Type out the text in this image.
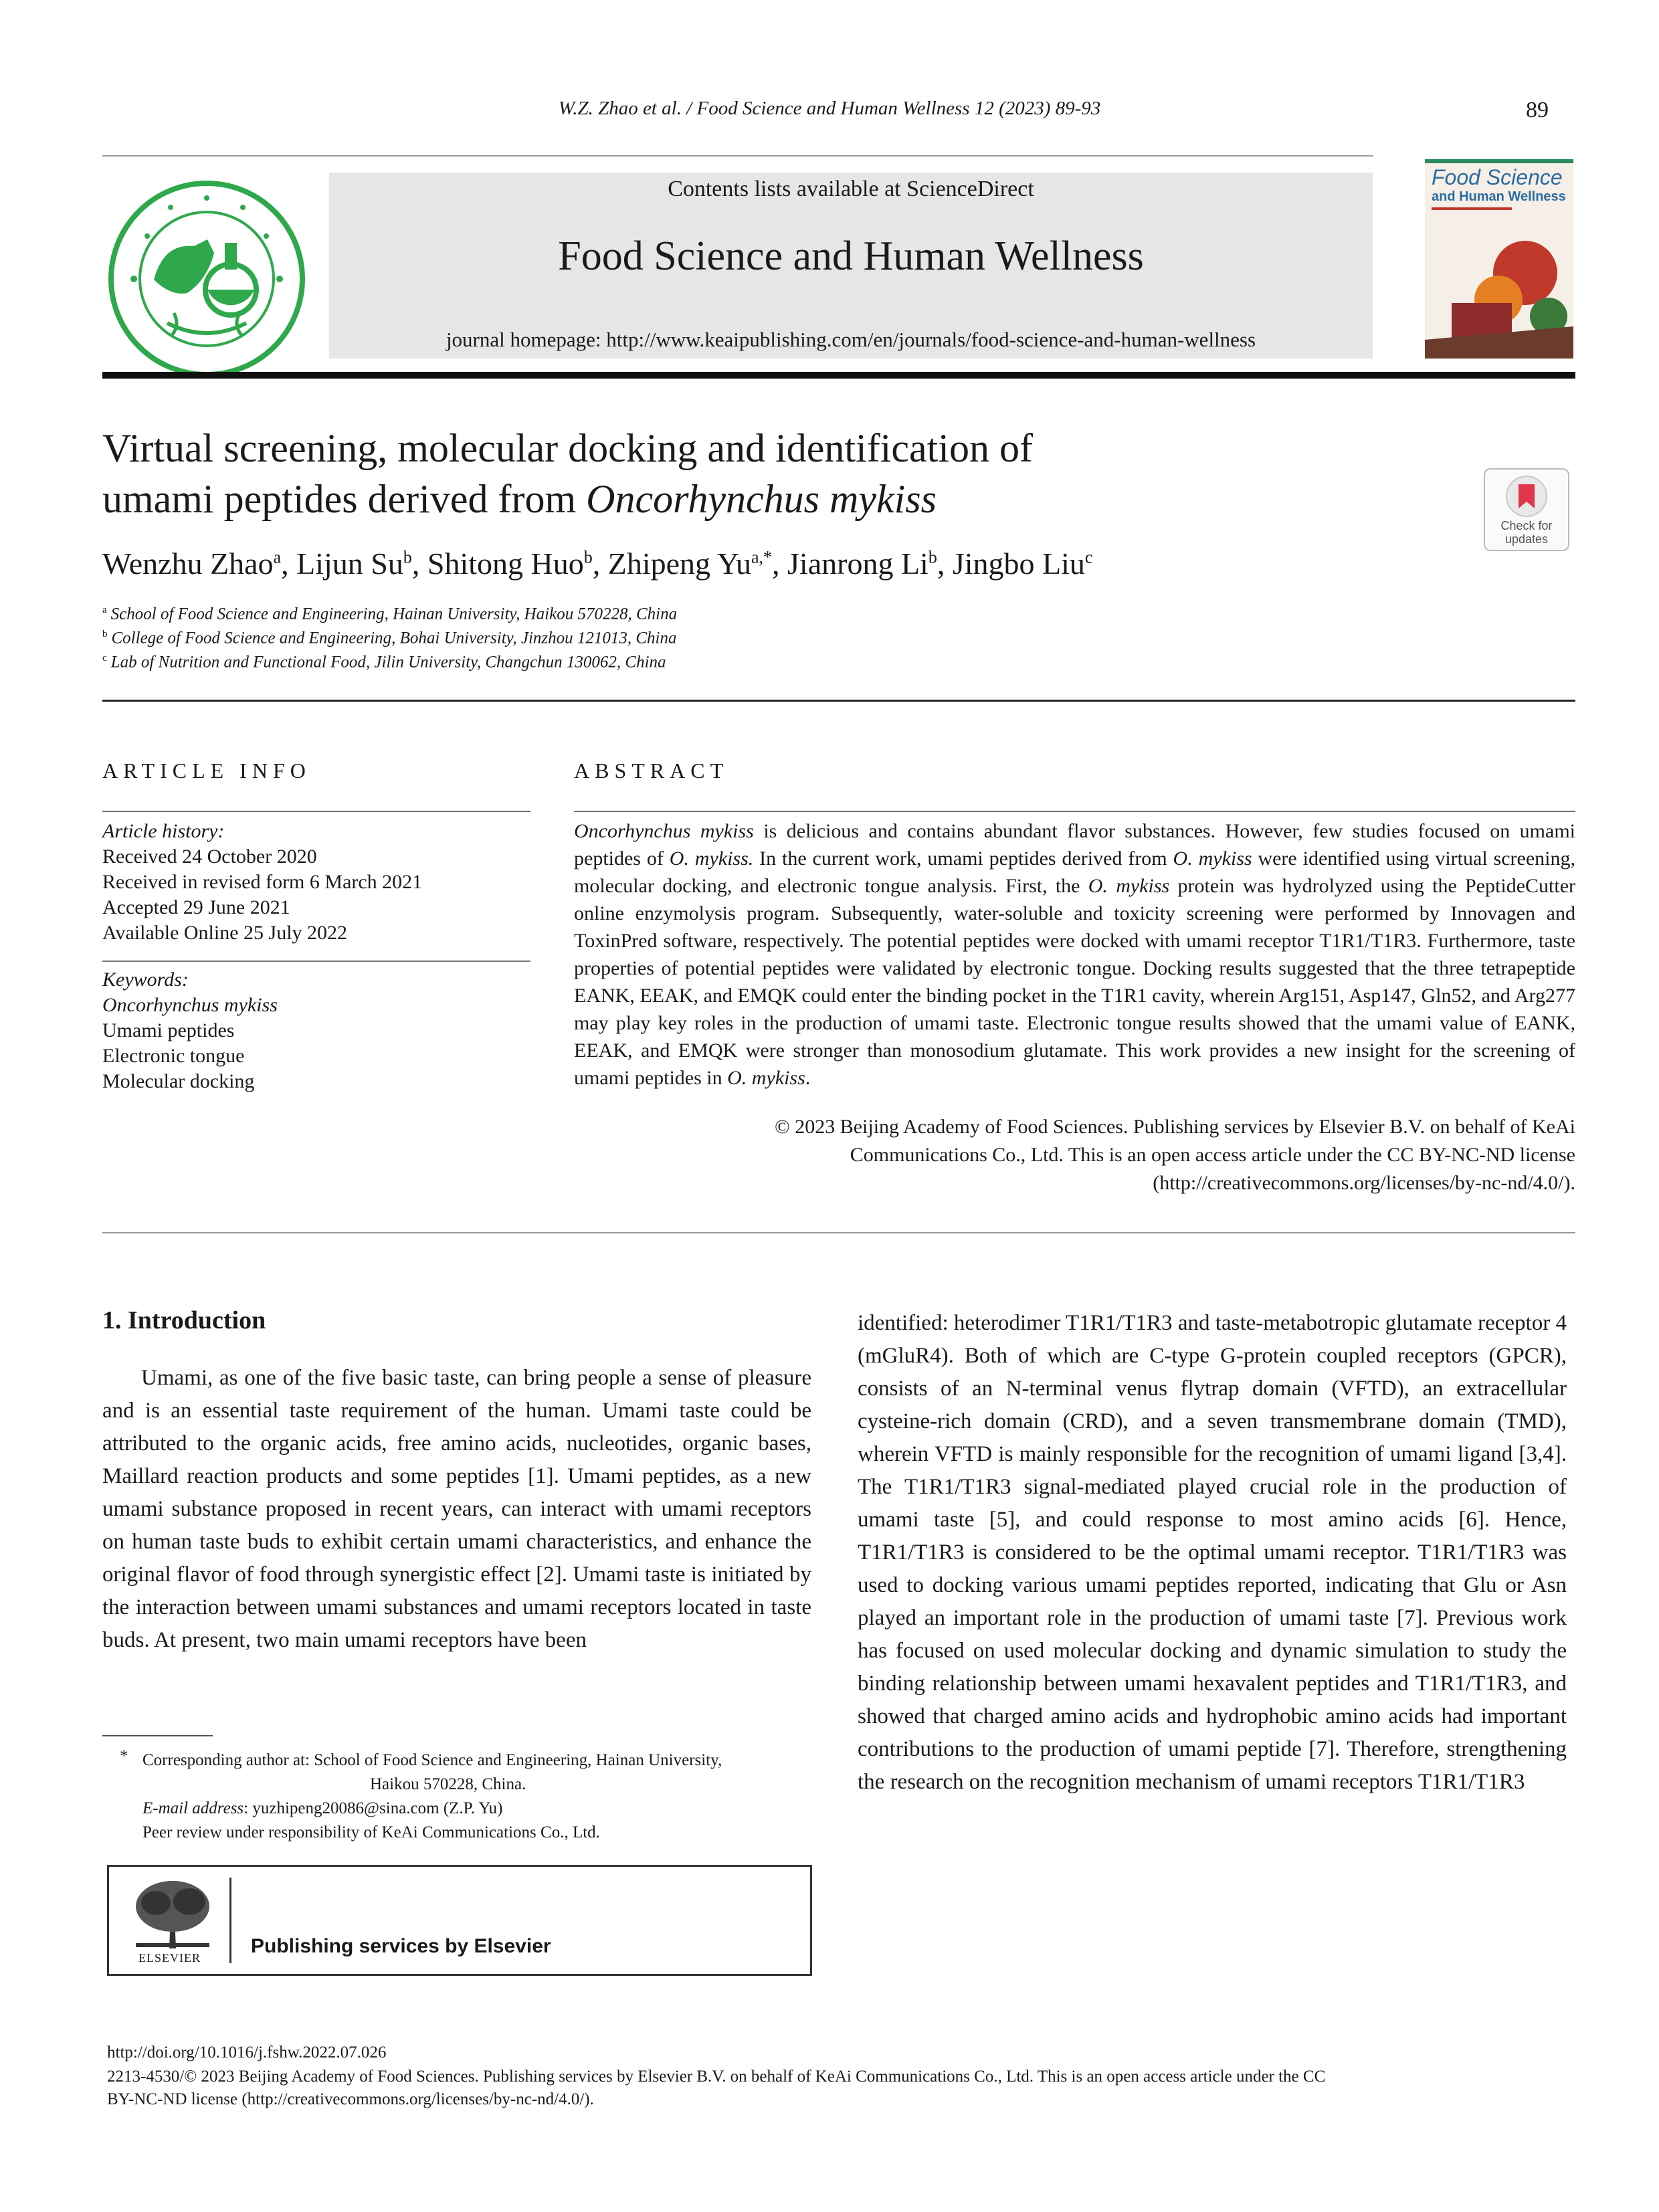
W.Z. Zhao et al. / Food Science and Human Wellness 12 (2023) 89-93	89
Contents lists available at ScienceDirect
Food Science and Human Wellness
journal homepage: http://www.keaipublishing.com/en/journals/food-science-and-human-wellness
Food Science
and Human Wellness
Virtual screening, molecular docking and identification of
umami peptides derived from Oncorhynchus mykiss
Check for updates
Wenzhu Zhao$^a$, Lijun Su$^b$, Shitong Huo$^b$, Zhipeng $Yu^{a,*}$, Jianrong Li$^b$, Jingbo Liu$^c$
$^a$ School of Food Science and Engineering, Hainan University, Haikou 570228, China
$^b$ College of Food Science and Engineering, Bohai University, Jinzhou 121013, China
$^c$ Lab of Nutrition and Functional Food, Jilin University, Changchun 130062, China
ARTICLE INFO
Article history:
Received 24 October 2020
Received in revised form 6 March 2021
Accepted 29 June 2021
Available Online 25 July 2022
Keywords:
Oncorhynchus mykiss
Umami peptides
Electronic tongue
Molecular docking
ABSTRACT
Oncorhynchus mykiss is delicious and contains abundant flavor substances. However, few studies focused on umami peptides of O. mykiss. In the current work, umami peptides derived from O. mykiss were identified using virtual screening, molecular docking, and electronic tongue analysis. First, the O. mykiss protein was hydrolyzed using the PeptideCutter online enzymolysis program. Subsequently, water-soluble and toxicity screening were performed by Innovagen and ToxinPred software, respectively. The potential peptides were docked with umami receptor T1R1/T1R3. Furthermore, taste properties of potential peptides were validated by electronic tongue. Docking results suggested that the three tetrapeptide EANK, EEAK, and EMQK could enter the binding pocket in the T1R1 cavity, wherein Arg151, Asp147, Gln52, and Arg277 may play key roles in the production of umami taste. Electronic tongue results showed that the umami value of EANK, EEAK, and EMQK were stronger than monosodium glutamate. This work provides a new insight for the screening of umami peptides in O. mykiss.
© 2023 Beijing Academy of Food Sciences. Publishing services by Elsevier B.V. on behalf of KeAi
Communications Co., Ltd. This is an open access article under the CC BY-NC-ND license
(http://creativecommons.org/licenses/by-nc-nd/4.0/).
1. Introduction

Umami, as one of the five basic taste, can bring people a sense of pleasure and is an essential taste requirement of the human. Umami taste could be attributed to the organic acids, free amino acids, nucleotides, organic bases, Maillard reaction products and some peptides [1]. Umami peptides, as a new umami substance proposed in recent years, can interact with umami receptors on human taste buds to exhibit certain umami characteristics, and enhance the original flavor of food through synergistic effect [2]. Umami taste is initiated by the interaction between umami substances and umami receptors located in taste buds. At present, two main umami receptors have been

identified: heterodimer T1R1/T1R3 and taste-metabotropic glutamate receptor 4 (mGluR4). Both of which are C-type G-protein coupled receptors (GPCR), consists of an N-terminal venus flytrap domain (VFTD), an extracellular cysteine-rich domain (CRD), and a seven transmembrane domain (TMD), wherein VFTD is mainly responsible for the recognition of umami ligand [3,4]. The T1R1/T1R3 signal-mediated played crucial role in the production of umami taste [5], and could response to most amino acids [6]. Hence, T1R1/T1R3 is considered to be the optimal umami receptor. T1R1/T1R3 was used to docking various umami peptides reported, indicating that Glu or Asn played an important role in the production of umami taste [7]. Previous work has focused on used molecular docking and dynamic simulation to study the binding relationship between umami hexavalent peptides and T1R1/T1R3, and showed that charged amino acids and hydrophobic amino acids had important contributions to the production of umami peptide [7]. Therefore, strengthening the research on the recognition mechanism of umami receptors T1R1/T1R3

* Corresponding author at: School of Food Science and Engineering, Hainan University,
Haikou 570228, China.
E-mail address: yuzhipeng20086@sina.com (Z.P. Yu)
Peer review under responsibility of KeAi Communications Co., Ltd.
ELSEVIER
Publishing services by Elsevier
http://doi.org/10.1016/j.fshw.2022.07.026
2213-4530/© 2023 Beijing Academy of Food Sciences. Publishing services by Elsevier B.V. on behalf of KeAi Communications Co., Ltd. This is an open access article under the CC
BY-NC-ND license (http://creativecommons.org/licenses/by-nc-nd/4.0/).
